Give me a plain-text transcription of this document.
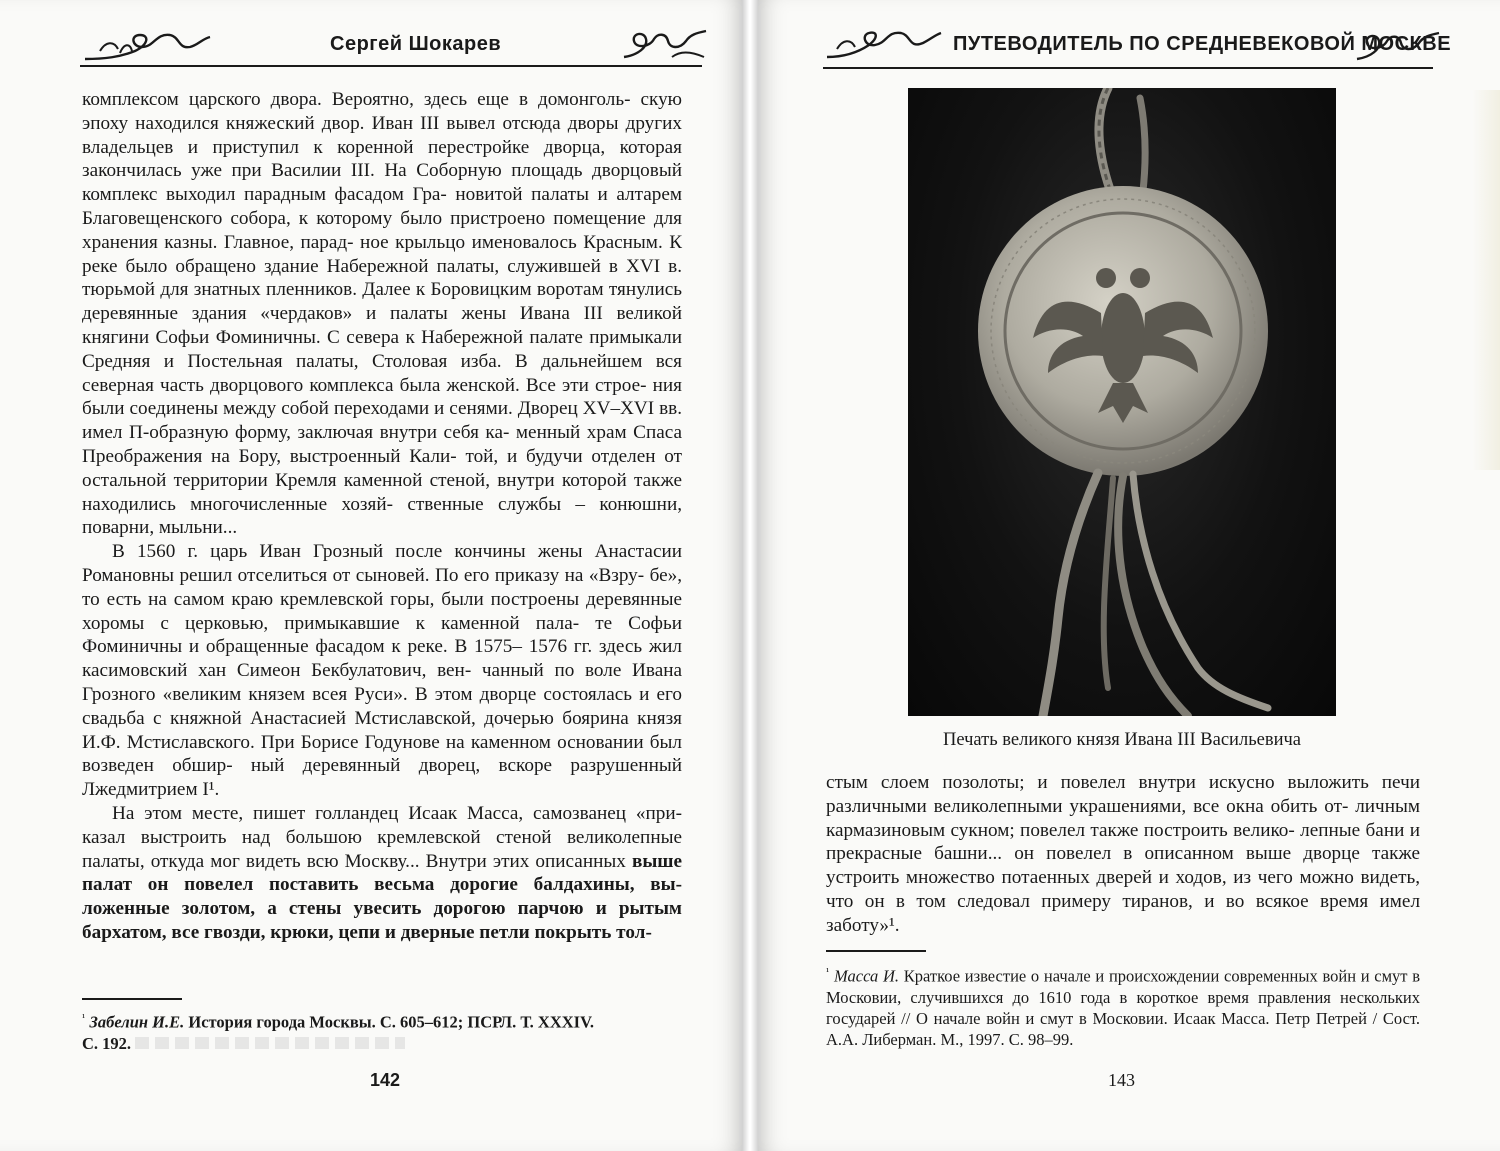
Сергей Шокарев

комплексом царского двора. Вероятно, здесь еще в домонголь- скую эпоху находился княжеский двор. Иван III вывел отсюда дворы других владельцев и приступил к коренной перестройке дворца, которая закончилась уже при Василии III. На Соборную площадь дворцовый комплекс выходил парадным фасадом Гра- новитой палаты и алтарем Благовещенского собора, к которому было пристроено помещение для хранения казны. Главное, парад- ное крыльцо именовалось Красным. К реке было обращено здание Набережной палаты, служившей в XVI в. тюрьмой для знатных пленников. Далее к Боровицким воротам тянулись деревянные здания «чердаков» и палаты жены Ивана III великой княгини Софьи Фоминичны. С севера к Набережной палате примыкали Средняя и Постельная палаты, Столовая изба. В дальнейшем вся северная часть дворцового комплекса была женской. Все эти строе- ния были соединены между собой переходами и сенями. Дворец XV–XVI вв. имел П-образную форму, заключая внутри себя ка- менный храм Спаса Преображения на Бору, выстроенный Кали- той, и будучи отделен от остальной территории Кремля каменной стеной, внутри которой также находились многочисленные хозяй- ственные службы – конюшни, поварни, мыльни...

В 1560 г. царь Иван Грозный после кончины жены Анастасии Романовны решил отселиться от сыновей. По его приказу на «Взру- бе», то есть на самом краю кремлевской горы, были построены деревянные хоромы с церковью, примыкавшие к каменной пала- те Софьи Фоминичны и обращенные фасадом к реке. В 1575– 1576 гг. здесь жил касимовский хан Симеон Бекбулатович, вен- чанный по воле Ивана Грозного «великим князем всея Руси». В этом дворце состоялась и его свадьба с княжной Анастасией Мстиславской, дочерью боярина князя И.Ф. Мстиславского. При Борисе Годунове на каменном основании был возведен обшир- ный деревянный дворец, вскоре разрушенный Лжедмитрием I¹.

На этом месте, пишет голландец Исаак Масса, самозванец «при- казал выстроить над большою кремлевской стеной великолепные палаты, откуда мог видеть всю Москву... Внутри этих описанных выше палат он повелел поставить весьма дорогие балдахины, вы- ложенные золотом, а стены увесить дорогою парчою и рытым бархатом, все гвозди, крюки, цепи и дверные петли покрыть тол-

$^{^1}$ Забелин И.Е. История города Москвы. С. 605–612; ПСРЛ. Т. XXXIV.
С. 192.
142
ПУТЕВОДИТЕЛЬ ПО СРЕДНЕВЕКОВОЙ МОСКВЕ
Печать великого князя Ивана III Васильевича

стым слоем позолоты; и повелел внутри искусно выложить печи различными великолепными украшениями, все окна обить от- личным кармазиновым сукном; повелел также построить велико- лепные бани и прекрасные башни... он повелел в описанном выше дворце также устроить множество потаенных дверей и ходов, из чего можно видеть, что он в том следовал примеру тиранов, и во всякое время имел заботу»¹.

$^{^1}$ Масса И. Краткое известие о начале и происхождении современных войн и смут в Московии, случившихся до 1610 года в короткое время правления нескольких государей // О начале войн и смут в Московии. Исаак Масса. Петр Петрей / Сост. А.А. Либерман. М., 1997. С. 98–99.
143
